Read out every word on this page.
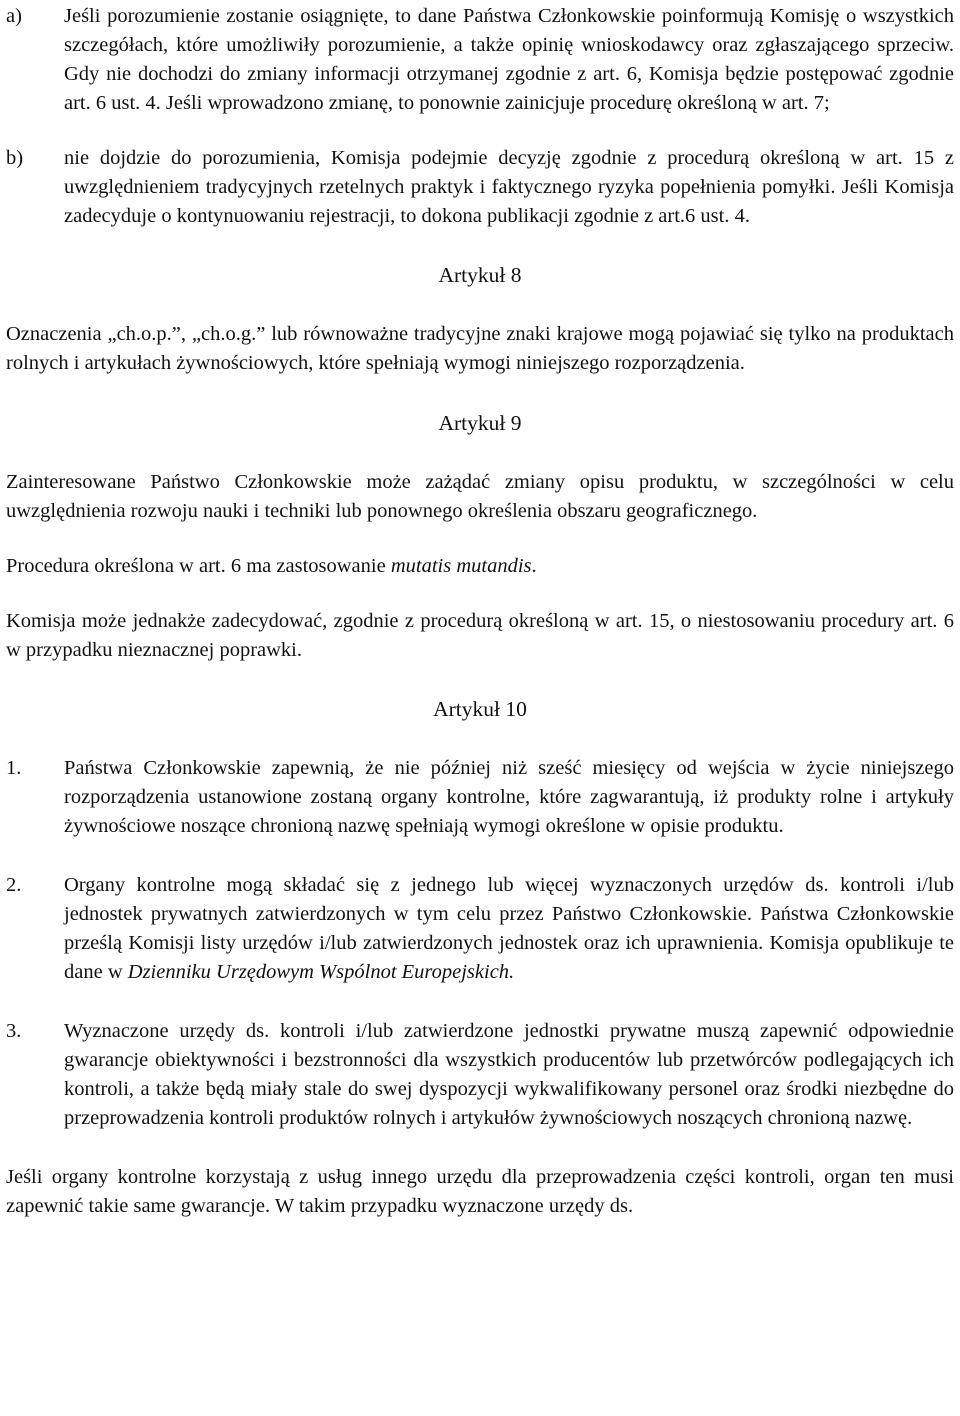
a) Jeśli porozumienie zostanie osiągnięte, to dane Państwa Członkowskie poinformują Komisję o wszystkich szczegółach, które umożliwiły porozumienie, a także opinię wnioskodawcy oraz zgłaszającego sprzeciw. Gdy nie dochodzi do zmiany informacji otrzymanej zgodnie z art. 6, Komisja będzie postępować zgodnie art. 6 ust. 4. Jeśli wprowadzono zmianę, to ponownie zainicjuje procedurę określoną w art. 7;
b) nie dojdzie do porozumienia, Komisja podejmie decyzję zgodnie z procedurą określoną w art. 15 z uwzględnieniem tradycyjnych rzetelnych praktyk i faktycznego ryzyka popełnienia pomyłki. Jeśli Komisja zadecyduje o kontynuowaniu rejestracji, to dokona publikacji zgodnie z art.6 ust. 4.
Artykuł 8
Oznaczenia „ch.o.p.”, „ch.o.g.” lub równoważne tradycyjne znaki krajowe mogą pojawiać się tylko na produktach rolnych i artykułach żywnościowych, które spełniają wymogi niniejszego rozporządzenia.
Artykuł 9
Zainteresowane Państwo Członkowskie może zażądać zmiany opisu produktu, w szczególności w celu uwzględnienia rozwoju nauki i techniki lub ponownego określenia obszaru geograficznego.
Procedura określona w art. 6 ma zastosowanie mutatis mutandis.
Komisja może jednakże zadecydować, zgodnie z procedurą określoną w art. 15, o niestosowaniu procedury art. 6 w przypadku nieznacznej poprawki.
Artykuł 10
1. Państwa Członkowskie zapewnią, że nie później niż sześć miesięcy od wejścia w życie niniejszego rozporządzenia ustanowione zostaną organy kontrolne, które zagwarantują, iż produkty rolne i artykuły żywnościowe noszące chronioną nazwę spełniają wymogi określone w opisie produktu.
2. Organy kontrolne mogą składać się z jednego lub więcej wyznaczonych urzędów ds. kontroli i/lub jednostek prywatnych zatwierdzonych w tym celu przez Państwo Członkowskie. Państwa Członkowskie prześlą Komisji listy urzędów i/lub zatwierdzonych jednostek oraz ich uprawnienia. Komisja opublikuje te dane w Dzienniku Urzędowym Wspólnot Europejskich.
3. Wyznaczone urzędy ds. kontroli i/lub zatwierdzone jednostki prywatne muszą zapewnić odpowiednie gwarancje obiektywności i bezstronności dla wszystkich producentów lub przetwórców podlegających ich kontroli, a także będą miały stale do swej dyspozycji wykwalifikowany personel oraz środki niezbędne do przeprowadzenia kontroli produktów rolnych i artykułów żywnościowych noszących chronioną nazwę.
Jeśli organy kontrolne korzystają z usług innego urzędu dla przeprowadzenia części kontroli, organ ten musi zapewnić takie same gwarancje. W takim przypadku wyznaczone urzędy ds.
